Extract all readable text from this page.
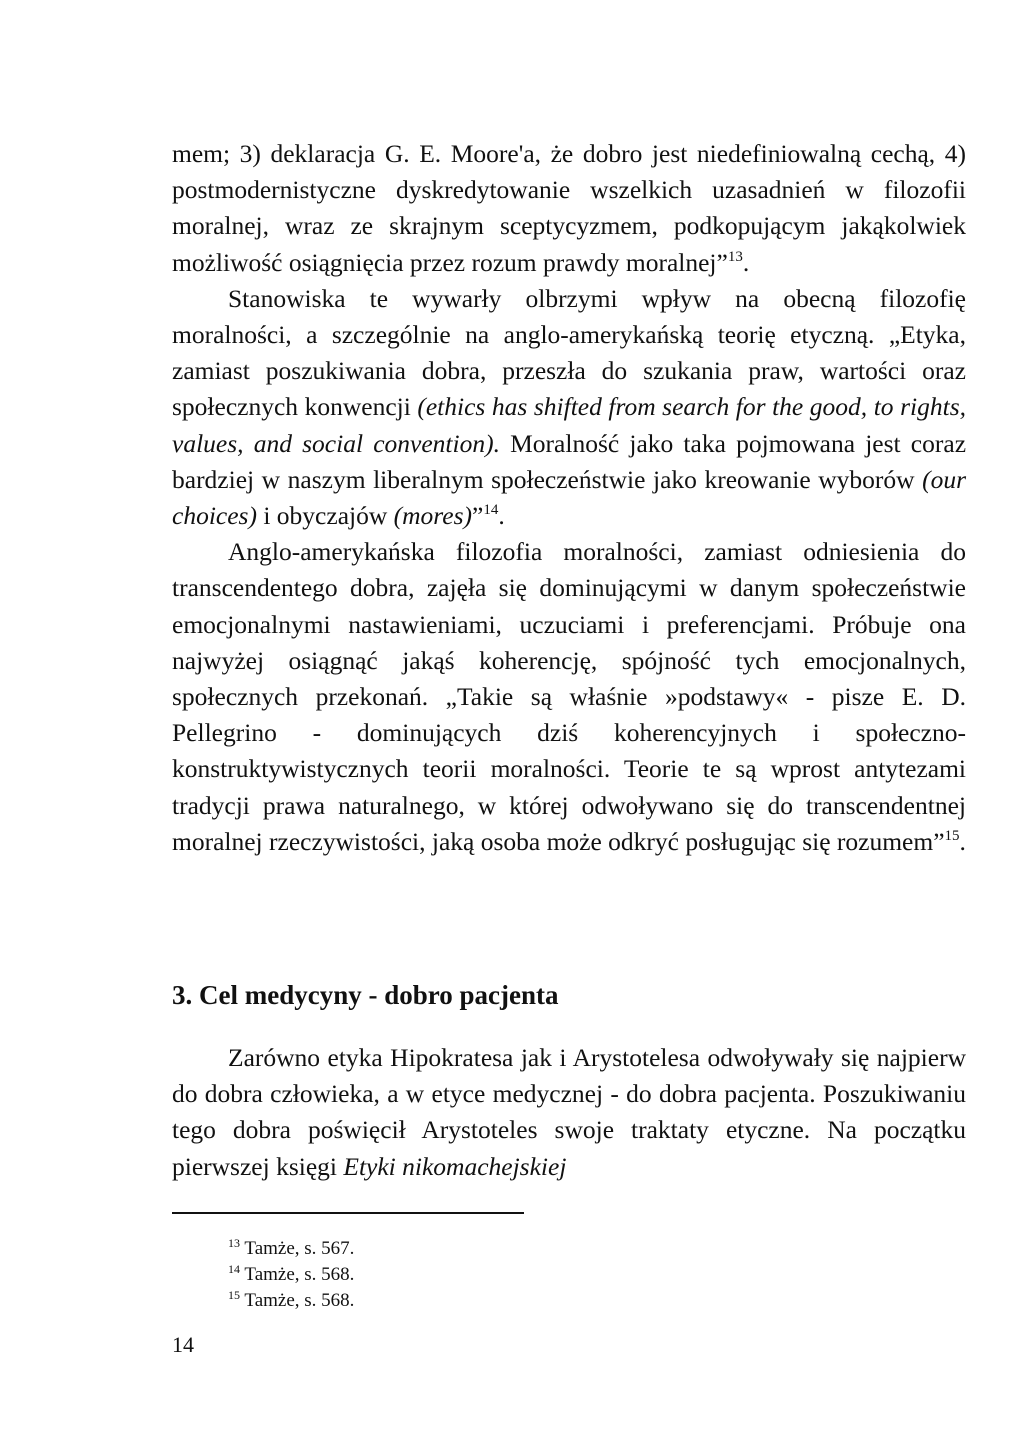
mem; 3) deklaracja G. E. Moore'a, że dobro jest niedefiniowalną cechą, 4) postmodernistyczne dyskredytowanie wszelkich uzasadnień w filozofii moralnej, wraz ze skrajnym sceptycyzmem, podkopującym jakąkolwiek możliwość osiągnięcia przez rozum prawdy moralnej”$^{13}$.

Stanowiska te wywarły olbrzymi wpływ na obecną filozofię moralności, a szczególnie na anglo-amerykańską teorię etyczną. „Etyka, zamiast poszukiwania dobra, przeszła do szukania praw, wartości oraz społecznych konwencji (ethics has shifted from search for the good, to rights, values, and social convention). Moralność jako taka pojmowana jest coraz bardziej w naszym liberalnym społeczeństwie jako kreowanie wyborów (our choices) i obyczajów (mores)”$^{14}$.

Anglo-amerykańska filozofia moralności, zamiast odniesienia do transcendentego dobra, zajęła się dominującymi w danym społeczeństwie emocjonalnymi nastawieniami, uczuciami i preferencjami. Próbuje ona najwyżej osiągnąć jakąś koherencję, spójność tych emocjonalnych, społecznych przekonań. „Takie są właśnie »podstawy« - pisze E. D. Pellegrino - dominujących dziś koherencyjnych i społeczno-konstruktywistycznych teorii moralności. Teorie te są wprost antytezami tradycji prawa naturalnego, w której odwoływano się do transcendentnej moralnej rzeczywistości, jaką osoba może odkryć posługując się rozumem”$^{15}$.

3. Cel medycyny - dobro pacjenta

Zarówno etyka Hipokratesa jak i Arystotelesa odwoływały się najpierw do dobra człowieka, a w etyce medycznej - do dobra pacjenta. Poszukiwaniu tego dobra poświęcił Arystoteles swoje traktaty etyczne. Na początku pierwszej księgi Etyki nikomachejskiej

$^{13}$ Tamże, s. 567.
$^{14}$ Tamże, s. 568.
$^{15}$ Tamże, s. 568.
14
